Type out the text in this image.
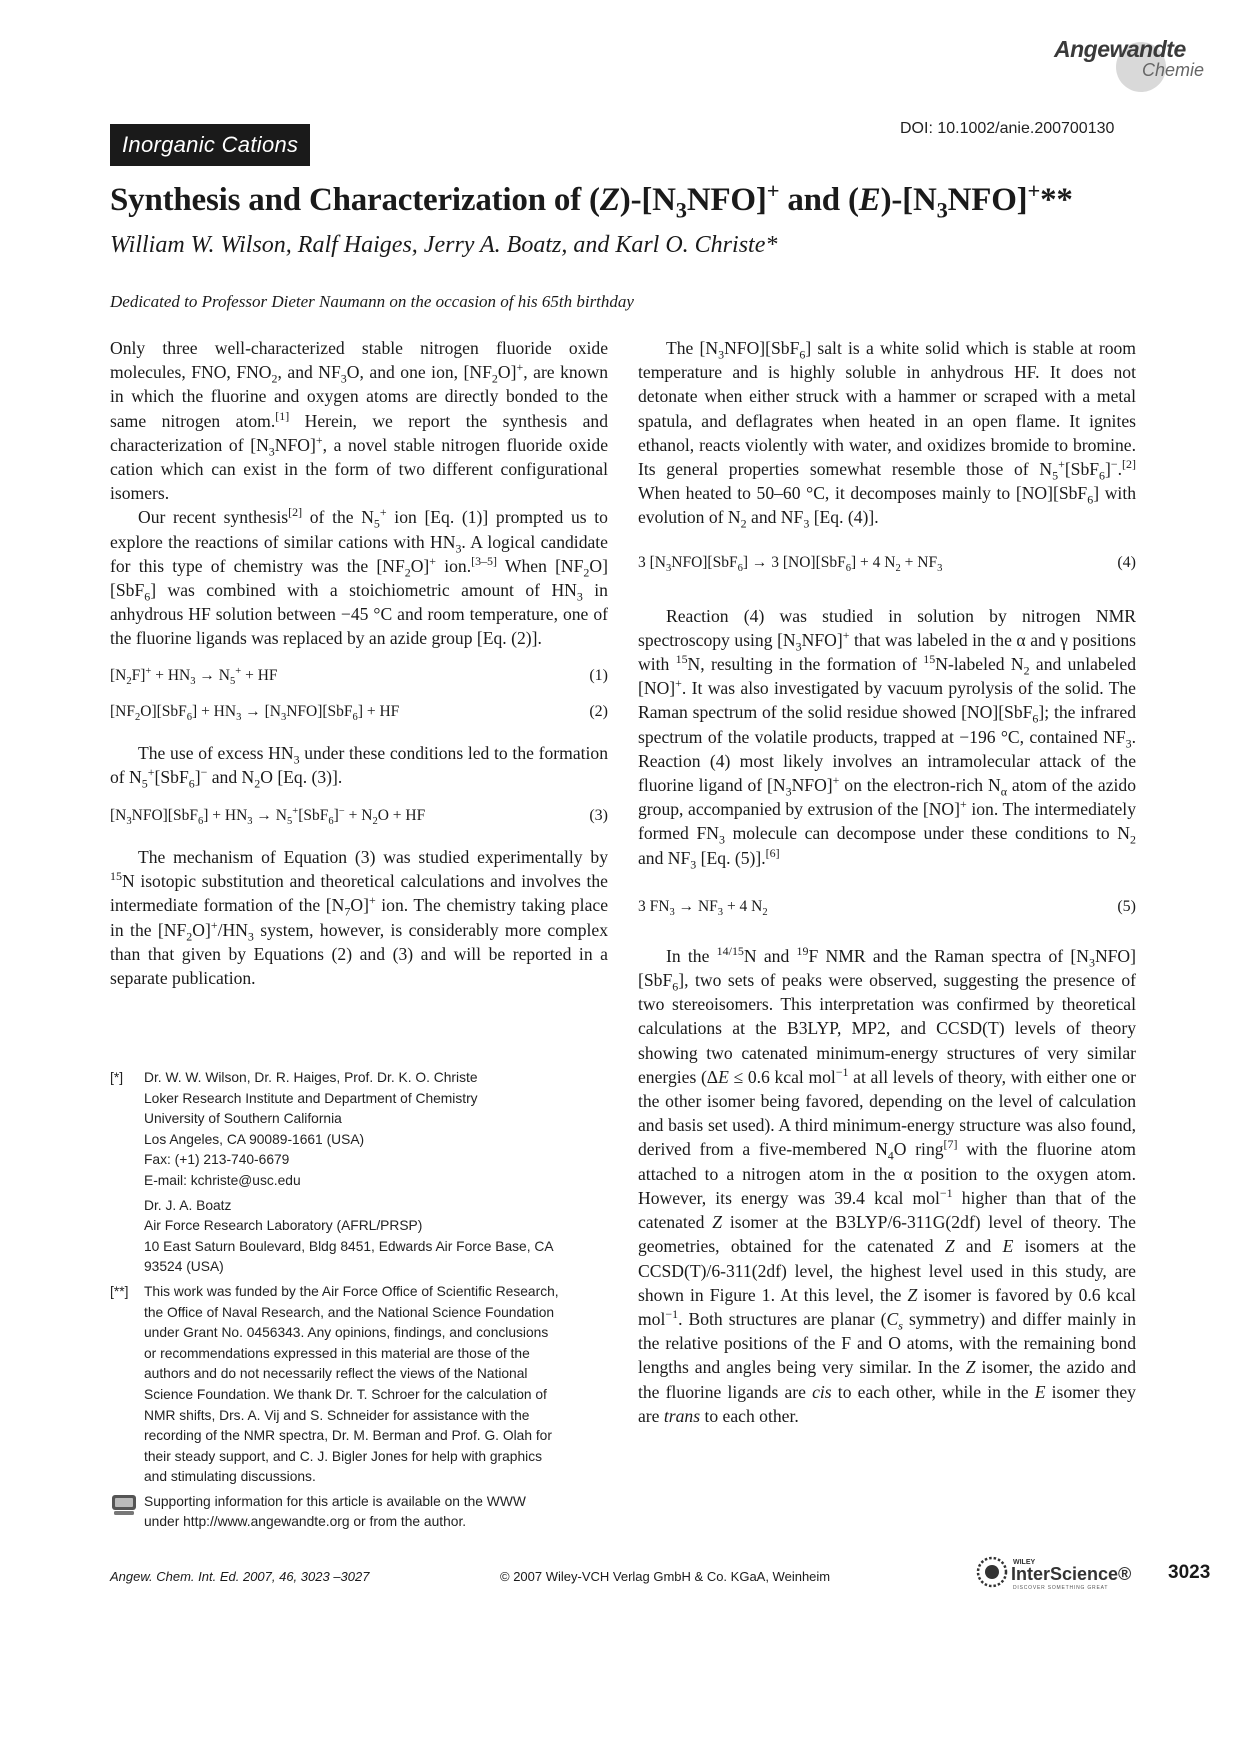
Angewandte
Chemie
Inorganic Cations
DOI: 10.1002/anie.200700130
Synthesis and Characterization of $(Z)-[N_3NFO]^+$ and $(E)-[N_3NFO]^+**$
William W. Wilson, Ralf Haiges, Jerry A. Boatz, and Karl O. Christe*
Dedicated to Professor Dieter Naumann on the occasion of his 65th birthday

Only three well-characterized stable nitrogen fluoride oxide molecules, FNO, $FNO_2$, and $NF_3O$, and one ion, $[NF_2O]^+$, are known in which the fluorine and oxygen atoms are directly bonded to the same nitrogen atom.[1] Herein, we report the synthesis and characterization of $[N_3NFO]^+$, a novel stable nitrogen fluoride oxide cation which can exist in the form of two different configurational isomers.

Our recent synthesis[2] of the $N_5^+$ ion [Eq. (1)] prompted us to explore the reactions of similar cations with $HN_3$. A logical candidate for this type of chemistry was the $[NF_2O]^+$ ion.[3–5] When $[NF_2O][SbF_6]$ was combined with a stoichiometric amount of $HN_3$ in anhydrous HF solution between −45 °C and room temperature, one of the fluorine ligands was replaced by an azide group [Eq. (2)].

$[N_2F]^+ + HN_3 \to N_5^+$ + HF	(1)
$[NF_2O][SbF_6] + HN_3 \to [N_3NFO][SbF_6]$ + HF	(2)

The use of excess $HN_3$ under these conditions led to the formation of $N_5^+[SbF_6]^-$ and $N_2O$ [Eq. (3)].

$[N_3NFO][SbF_6] + HN_3 \to N_5^+[SbF_6]^- + N_2O$ + HF	(3)

The mechanism of Equation (3) was studied experimentally by $^{15}$N isotopic substitution and theoretical calculations and involves the intermediate formation of the $[N_7O]^+$ ion. The chemistry taking place in the $[NF_2O]^+/HN_3$ system, however, is considerably more complex than that given by Equations (2) and (3) and will be reported in a separate publication.

The $[N_3NFO][SbF_6]$ salt is a white solid which is stable at room temperature and is highly soluble in anhydrous HF. It does not detonate when either struck with a hammer or scraped with a metal spatula, and deflagrates when heated in an open flame. It ignites ethanol, reacts violently with water, and oxidizes bromide to bromine. Its general properties somewhat resemble those of $N_5^+[SbF_6]^-.[2]$ When heated to 50–60 °C, it decomposes mainly to [NO][SbF$_6$] with evolution of $N_2$ and $NF_3$ [Eq. (4)].

3 $[N_3NFO][SbF_6] \to 3$ [NO][SbF$_6$] + 4 $N_2 + NF_3$	(4)

Reaction (4) was studied in solution by nitrogen NMR spectroscopy using $[N_3NFO]^+$ that was labeled in the α and γ positions with $^{15}$N, resulting in the formation of $^{15}$N-labeled $N_2$ and unlabeled [NO]+. It was also investigated by vacuum pyrolysis of the solid. The Raman spectrum of the solid residue showed [NO][SbF$_6$]; the infrared spectrum of the volatile products, trapped at −196 °C, contained $NF_3$. Reaction (4) most likely involves an intramolecular attack of the fluorine ligand of $[N_3NFO]^+$ on the electron-rich $N_\alpha$ atom of the azido group, accompanied by extrusion of the [NO]+ ion. The intermediately formed $FN_3$ molecule can decompose under these conditions to $N_2$ and $NF_3$ [Eq. (5)].[6]

3 $FN_3 \to NF_3 + 4$ $N_2$	(5)

In the $^{14/15}$N and $^{19}$F NMR and the Raman spectra of $[N_3NFO][SbF_6]$, two sets of peaks were observed, suggesting the presence of two stereoisomers. This interpretation was confirmed by theoretical calculations at the B3LYP, MP2, and CCSD(T) levels of theory showing two catenated minimum-energy structures of very similar energies (ΔE ≤ 0.6 kcal mol$^{-1}$ at all levels of theory, with either one or the other isomer being favored, depending on the level of calculation and basis set used). A third minimum-energy structure was also found, derived from a five-membered $N_4O$ ring[7] with the fluorine atom attached to a nitrogen atom in the α position to the oxygen atom. However, its energy was 39.4 kcal mol$^{-1}$ higher than that of the catenated Z isomer at the B3LYP/6-311G(2df) level of theory. The geometries, obtained for the catenated Z and E isomers at the CCSD(T)/6-311(2df) level, the highest level used in this study, are shown in Figure 1. At this level, the Z isomer is favored by 0.6 kcal mol$^{-1}$. Both structures are planar ($C_s$ symmetry) and differ mainly in the relative positions of the F and O atoms, with the remaining bond lengths and angles being very similar. In the Z isomer, the azido and the fluorine ligands are cis to each other, while in the E isomer they are trans to each other.

[*]	Dr. W. W. Wilson, Dr. R. Haiges, Prof. Dr. K. O. Christe
Loker Research Institute and Department of Chemistry
University of Southern California
Los Angeles, CA 90089-1661 (USA)
Fax: (+1) 213-740-6679
E-mail: kchriste@usc.edu
Dr. J. A. Boatz
Air Force Research Laboratory (AFRL/PRSP)
10 East Saturn Boulevard, Bldg 8451, Edwards Air Force Base, CA
93524 (USA)
[**]	This work was funded by the Air Force Office of Scientific Research,
the Office of Naval Research, and the National Science Foundation
under Grant No. 0456343. Any opinions, findings, and conclusions
or recommendations expressed in this material are those of the
authors and do not necessarily reflect the views of the National
Science Foundation. We thank Dr. T. Schroer for the calculation of
NMR shifts, Drs. A. Vij and S. Schneider for assistance with the
recording of the NMR spectra, Dr. M. Berman and Prof. G. Olah for
their steady support, and C. J. Bigler Jones for help with graphics
and stimulating discussions.
Supporting information for this article is available on the WWW
under http://www.angewandte.org or from the author.
Angew. Chem. Int. Ed. 2007, 46, 3023 –3027	© 2007 Wiley-VCH Verlag GmbH & Co. KGaA, Weinheim
WILEY
InterScience®
DISCOVER SOMETHING GREAT
3023
